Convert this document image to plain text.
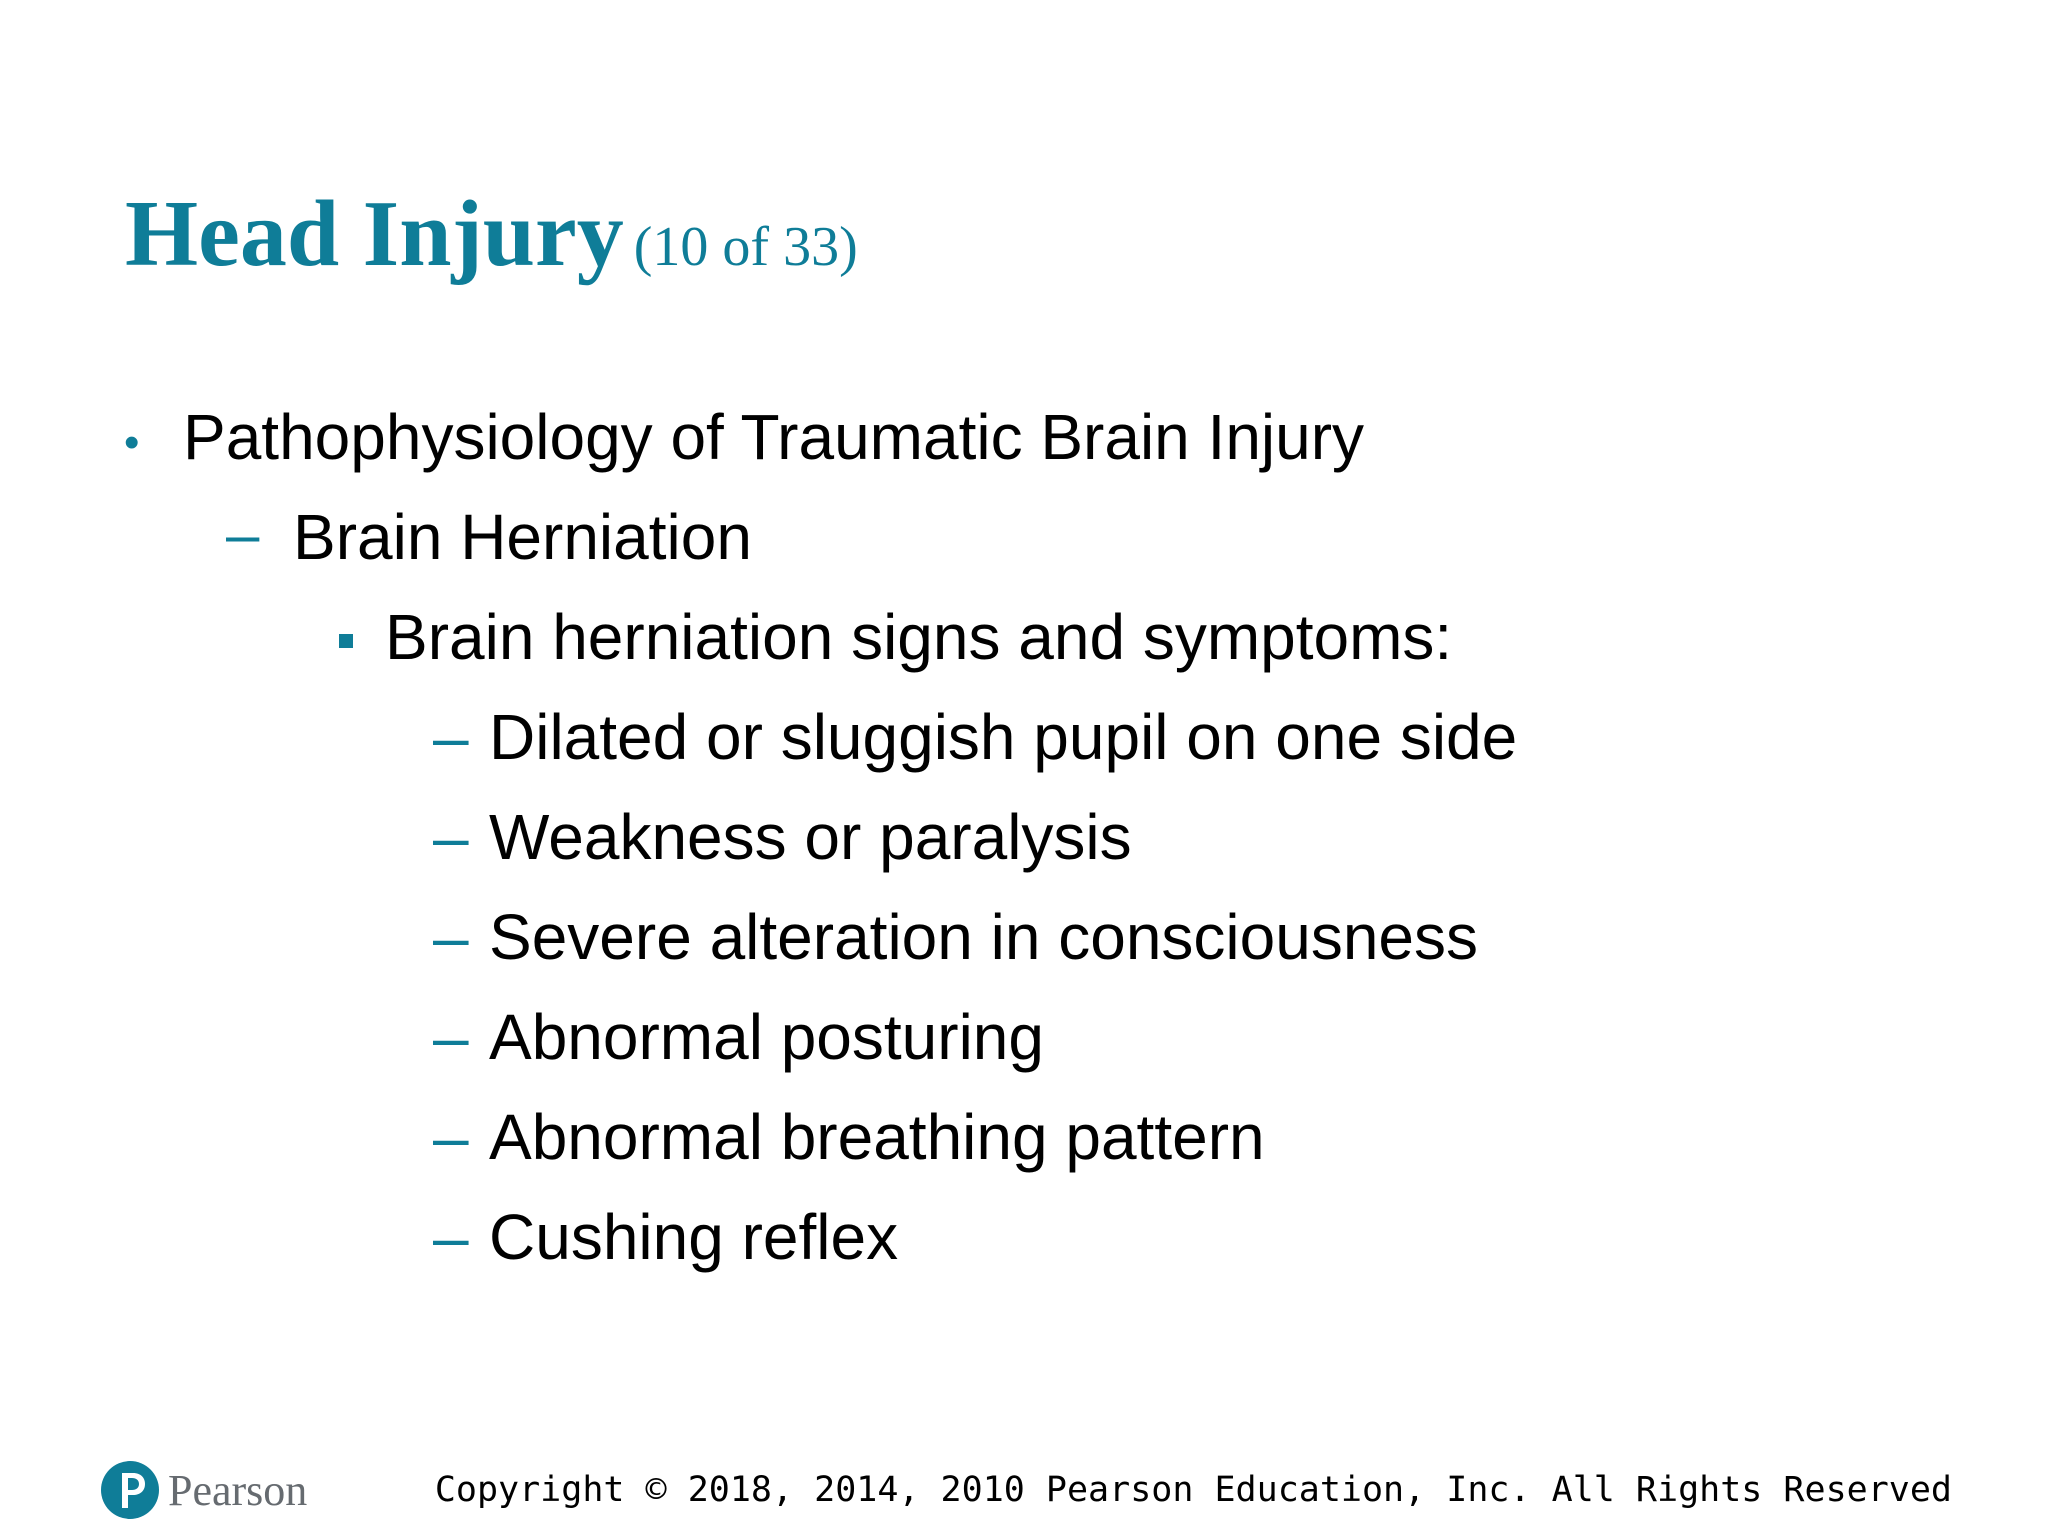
Head Injury (10 of 33)
• Pathophysiology of Traumatic Brain Injury
– Brain Herniation
Brain herniation signs and symptoms:
– Dilated or sluggish pupil on one side
– Weakness or paralysis
– Severe alteration in consciousness
– Abnormal posturing
– Abnormal breathing pattern
– Cushing reflex
Pearson	Copyright © 2018, 2014, 2010 Pearson Education, Inc. All Rights Reserved
